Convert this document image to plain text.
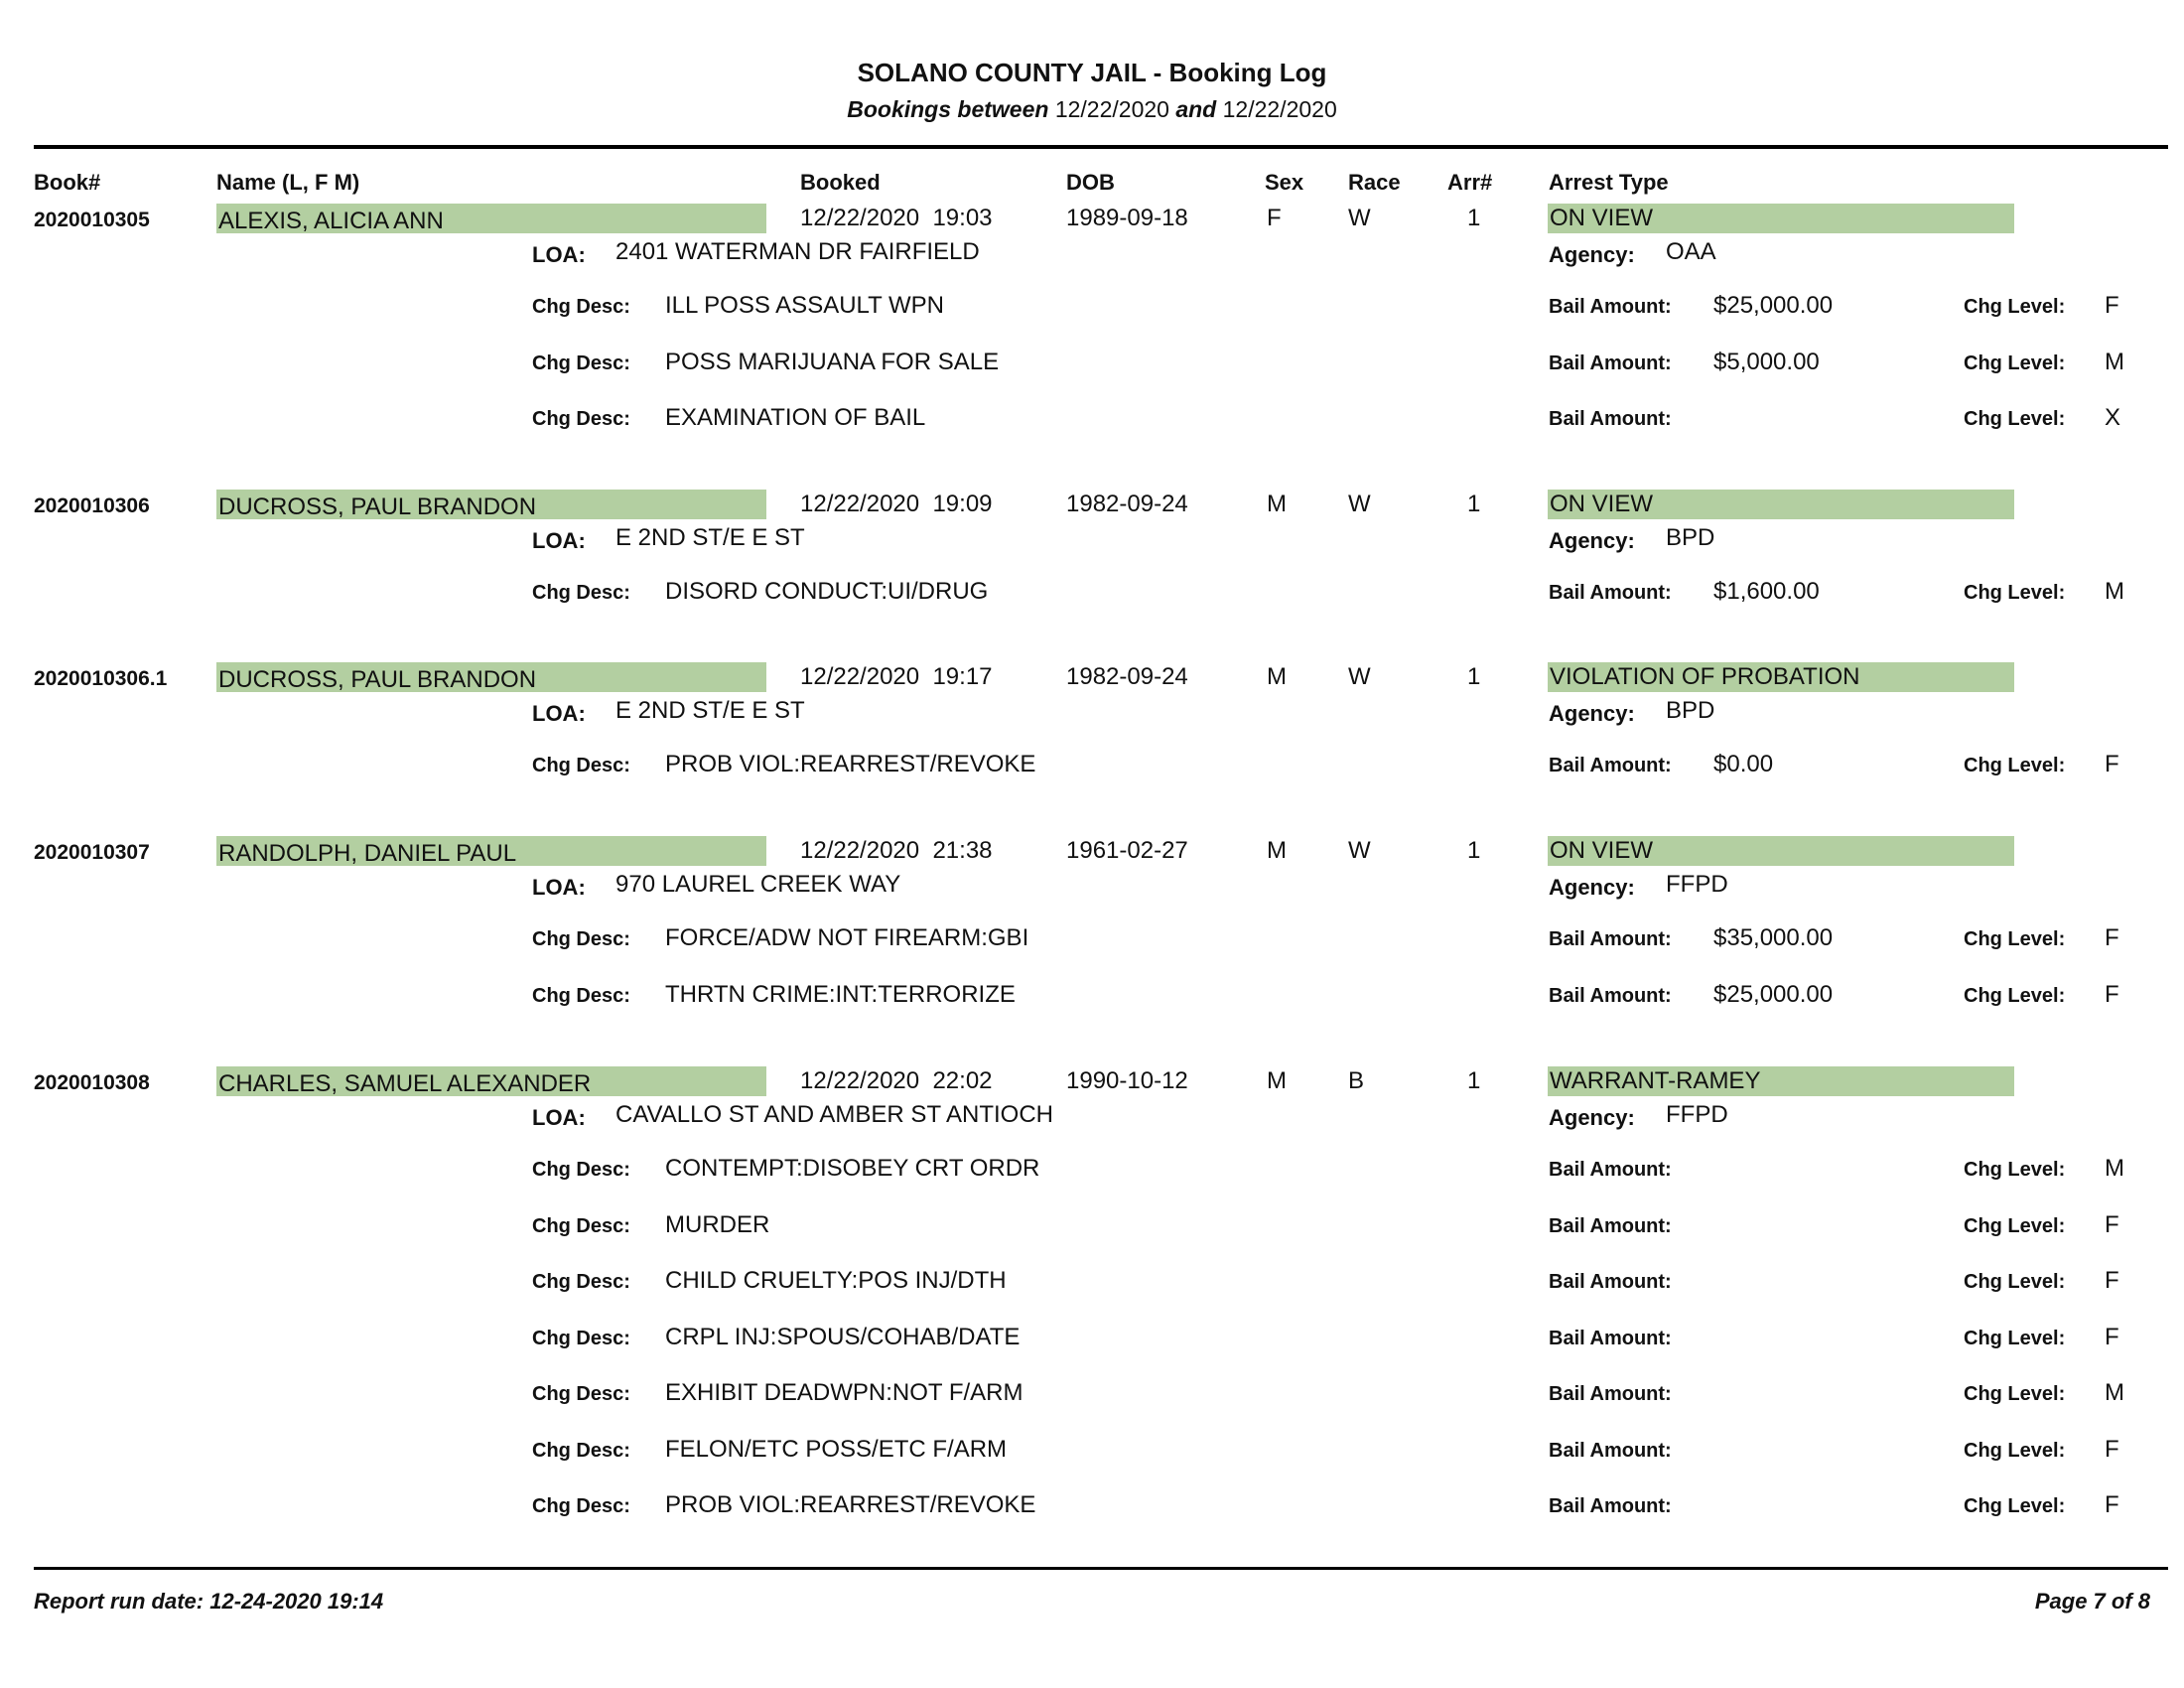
SOLANO COUNTY JAIL - Booking Log
Bookings between 12/22/2020 and 12/22/2020
Book#	Name (L, F M)	Booked	DOB	Sex Race Arr#	Arrest Type
2020010305	ALEXIS, ALICIA ANN	12/22/2020  19:03	1989-09-18	F	W	1	ON VIEW
LOA: 2401 WATERMAN DR FAIRFIELD	Agency: OAA
Chg Desc: ILL POSS ASSAULT WPN	Bail Amount: $25,000.00	Chg Level: F
Chg Desc: POSS MARIJUANA FOR SALE	Bail Amount: $5,000.00	Chg Level: M
Chg Desc: EXAMINATION OF BAIL	Bail Amount:	Chg Level: X
2020010306	DUCROSS, PAUL BRANDON	12/22/2020  19:09	1982-09-24	M	W	1	ON VIEW
LOA: E 2ND ST/E E ST	Agency: BPD
Chg Desc: DISORD CONDUCT:UI/DRUG	Bail Amount: $1,600.00	Chg Level: M
2020010306.1 DUCROSS, PAUL BRANDON	12/22/2020  19:17	1982-09-24	M	W	1	VIOLATION OF PROBATION
LOA: E 2ND ST/E E ST	Agency: BPD
Chg Desc: PROB VIOL:REARREST/REVOKE	Bail Amount: $0.00	Chg Level: F
2020010307	RANDOLPH, DANIEL PAUL	12/22/2020  21:38	1961-02-27	M	W	1	ON VIEW
LOA: 970 LAUREL CREEK WAY	Agency: FFPD
Chg Desc: FORCE/ADW NOT FIREARM:GBI	Bail Amount: $35,000.00	Chg Level: F
Chg Desc: THRTN CRIME:INT:TERRORIZE	Bail Amount: $25,000.00	Chg Level: F
2020010308	CHARLES, SAMUEL ALEXANDER	12/22/2020  22:02	1990-10-12	M	B	1	WARRANT-RAMEY
LOA: CAVALLO ST AND AMBER ST ANTIOCH	Agency: FFPD
Chg Desc: CONTEMPT:DISOBEY CRT ORDR	Bail Amount:	Chg Level: M
Chg Desc: MURDER	Bail Amount:	Chg Level: F
Chg Desc: CHILD CRUELTY:POS INJ/DTH	Bail Amount:	Chg Level: F
Chg Desc: CRPL INJ:SPOUS/COHAB/DATE	Bail Amount:	Chg Level: F
Chg Desc: EXHIBIT DEADWPN:NOT F/ARM	Bail Amount:	Chg Level: M
Chg Desc: FELON/ETC POSS/ETC F/ARM	Bail Amount:	Chg Level: F
Chg Desc: PROB VIOL:REARREST/REVOKE	Bail Amount:	Chg Level: F
Report run date: 12-24-2020 19:14	Page 7 of 8
